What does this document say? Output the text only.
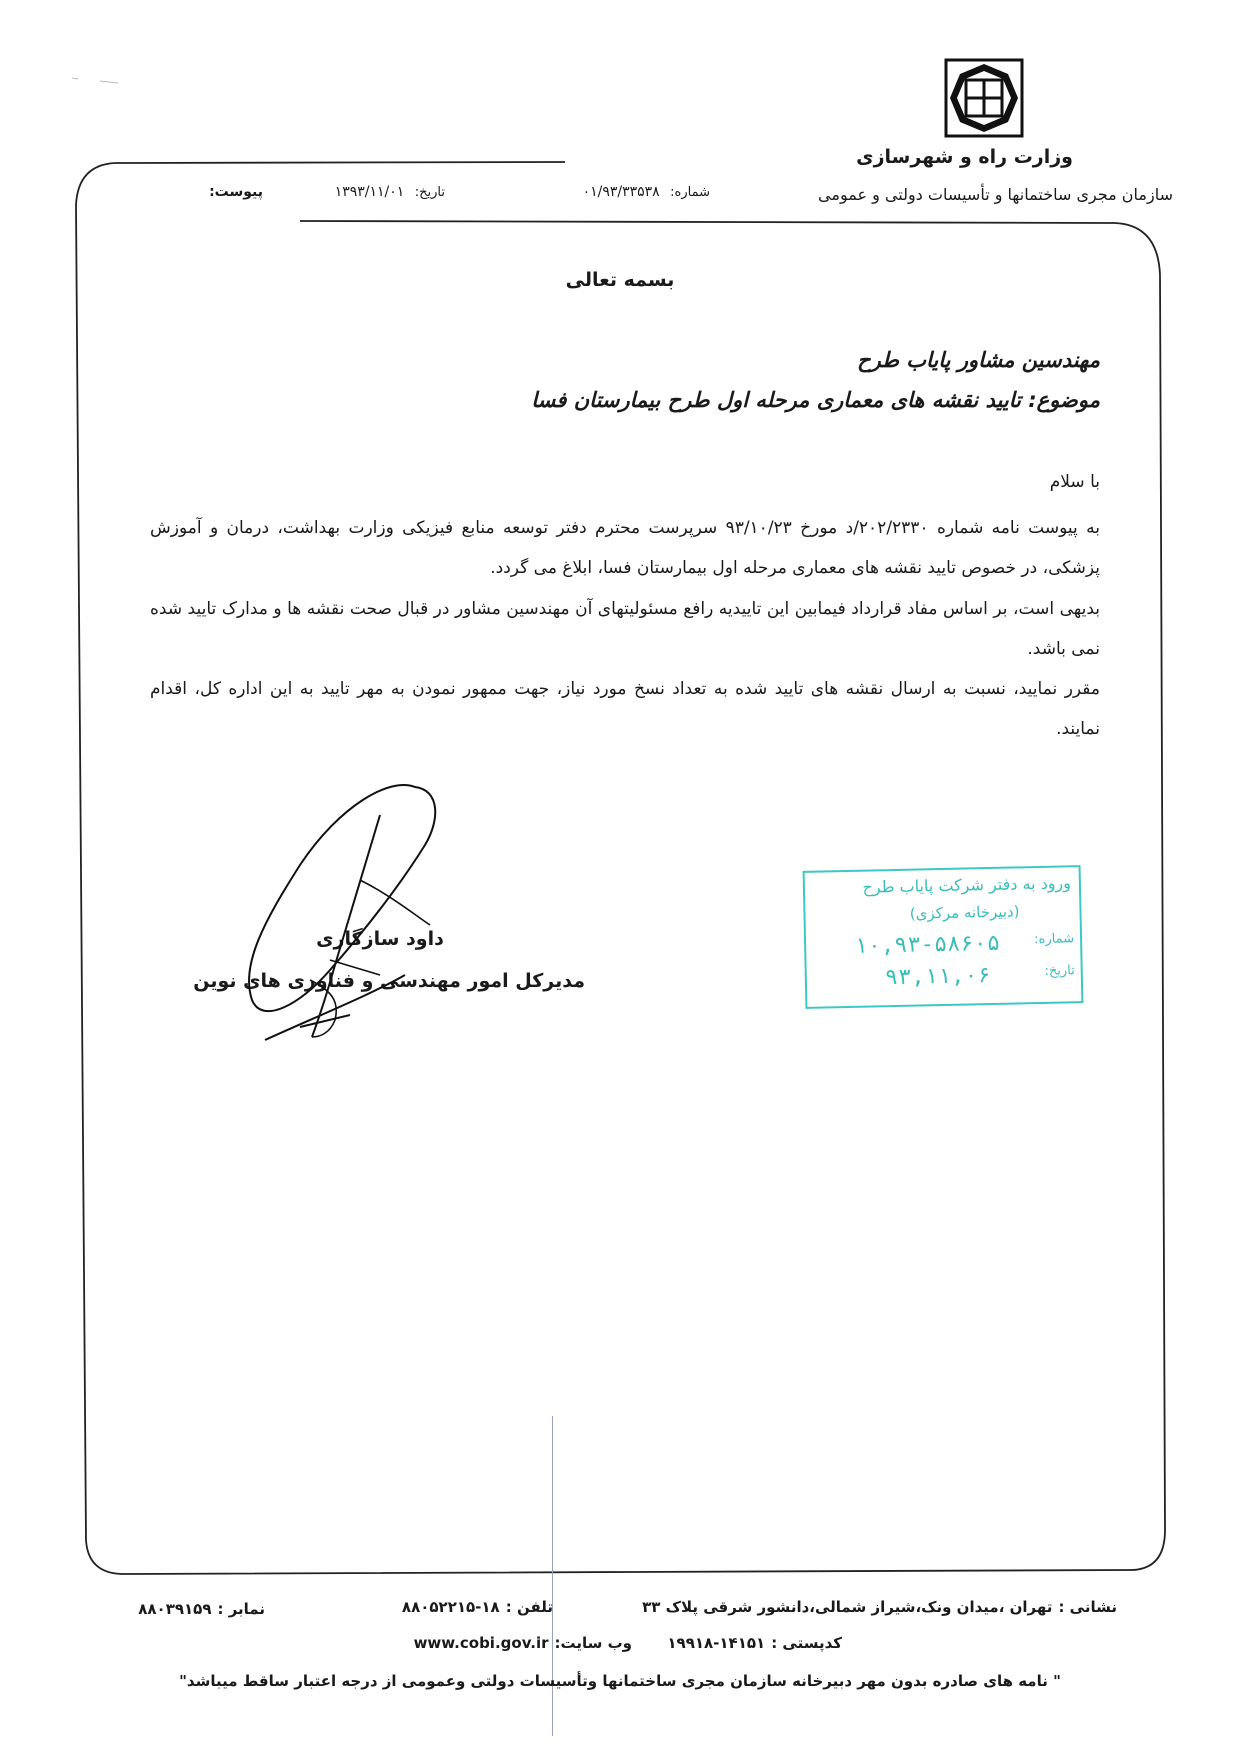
وزارت راه و شهرسازی
سازمان مجری ساختمانها و تأسیسات دولتی و عمومی
شماره: ۰۱/۹۳/۳۳۵۳۸
تاریخ: ۱۳۹۳/۱۱/۰۱
پیوست:
بسمه تعالی
مهندسین مشاور پایاب طرح
موضوع: تایید نقشه های معماری مرحله اول طرح بیمارستان فسا
با سلام

به پیوست نامه شماره ۲۰۲/۲۳۳۰/د مورخ ۹۳/۱۰/۲۳ سرپرست محترم دفتر توسعه منابع فیزیکی وزارت بهداشت، درمان و آموزش پزشکی، در خصوص تایید نقشه های معماری مرحله اول بیمارستان فسا، ابلاغ می گردد.

بدیهی است، بر اساس مفاد قرارداد فیمابین این تاییدیه رافع مسئولیتهای آن مهندسین مشاور در قبال صحت نقشه ها و مدارک تایید شده نمی باشد.

مقرر نمایید، نسبت به ارسال نقشه های تایید شده به تعداد نسخ مورد نیاز، جهت ممهور نمودن به مهر تایید به این اداره کل، اقدام نمایند.

ورود به دفتر شرکت پایاب طرح
(دبیرخانه مرکزی)
شماره:
۱۰,۹۳-۵۸۶۰۵
تاریخ:
۹۳,۱۱,۰۶
داود سازگاری
مدیرکل امور مهندسی و فناوری های نوین
نشانی :تهران ،میدان ونک،شیراز شمالی،دانشور شرقی پلاک ۳۳
تلفن :۱۸-۸۸۰۵۲۲۱۵
نمابر :۸۸۰۳۹۱۵۹
کدپستی :۱۴۱۵۱-۱۹۹۱۸
وب سایت:www.cobi.gov.ir
" نامه های صادره بدون مهر دبیرخانه سازمان مجری ساختمانها وتأسیسات دولتی وعمومی از درجه اعتبار ساقط میباشد"
